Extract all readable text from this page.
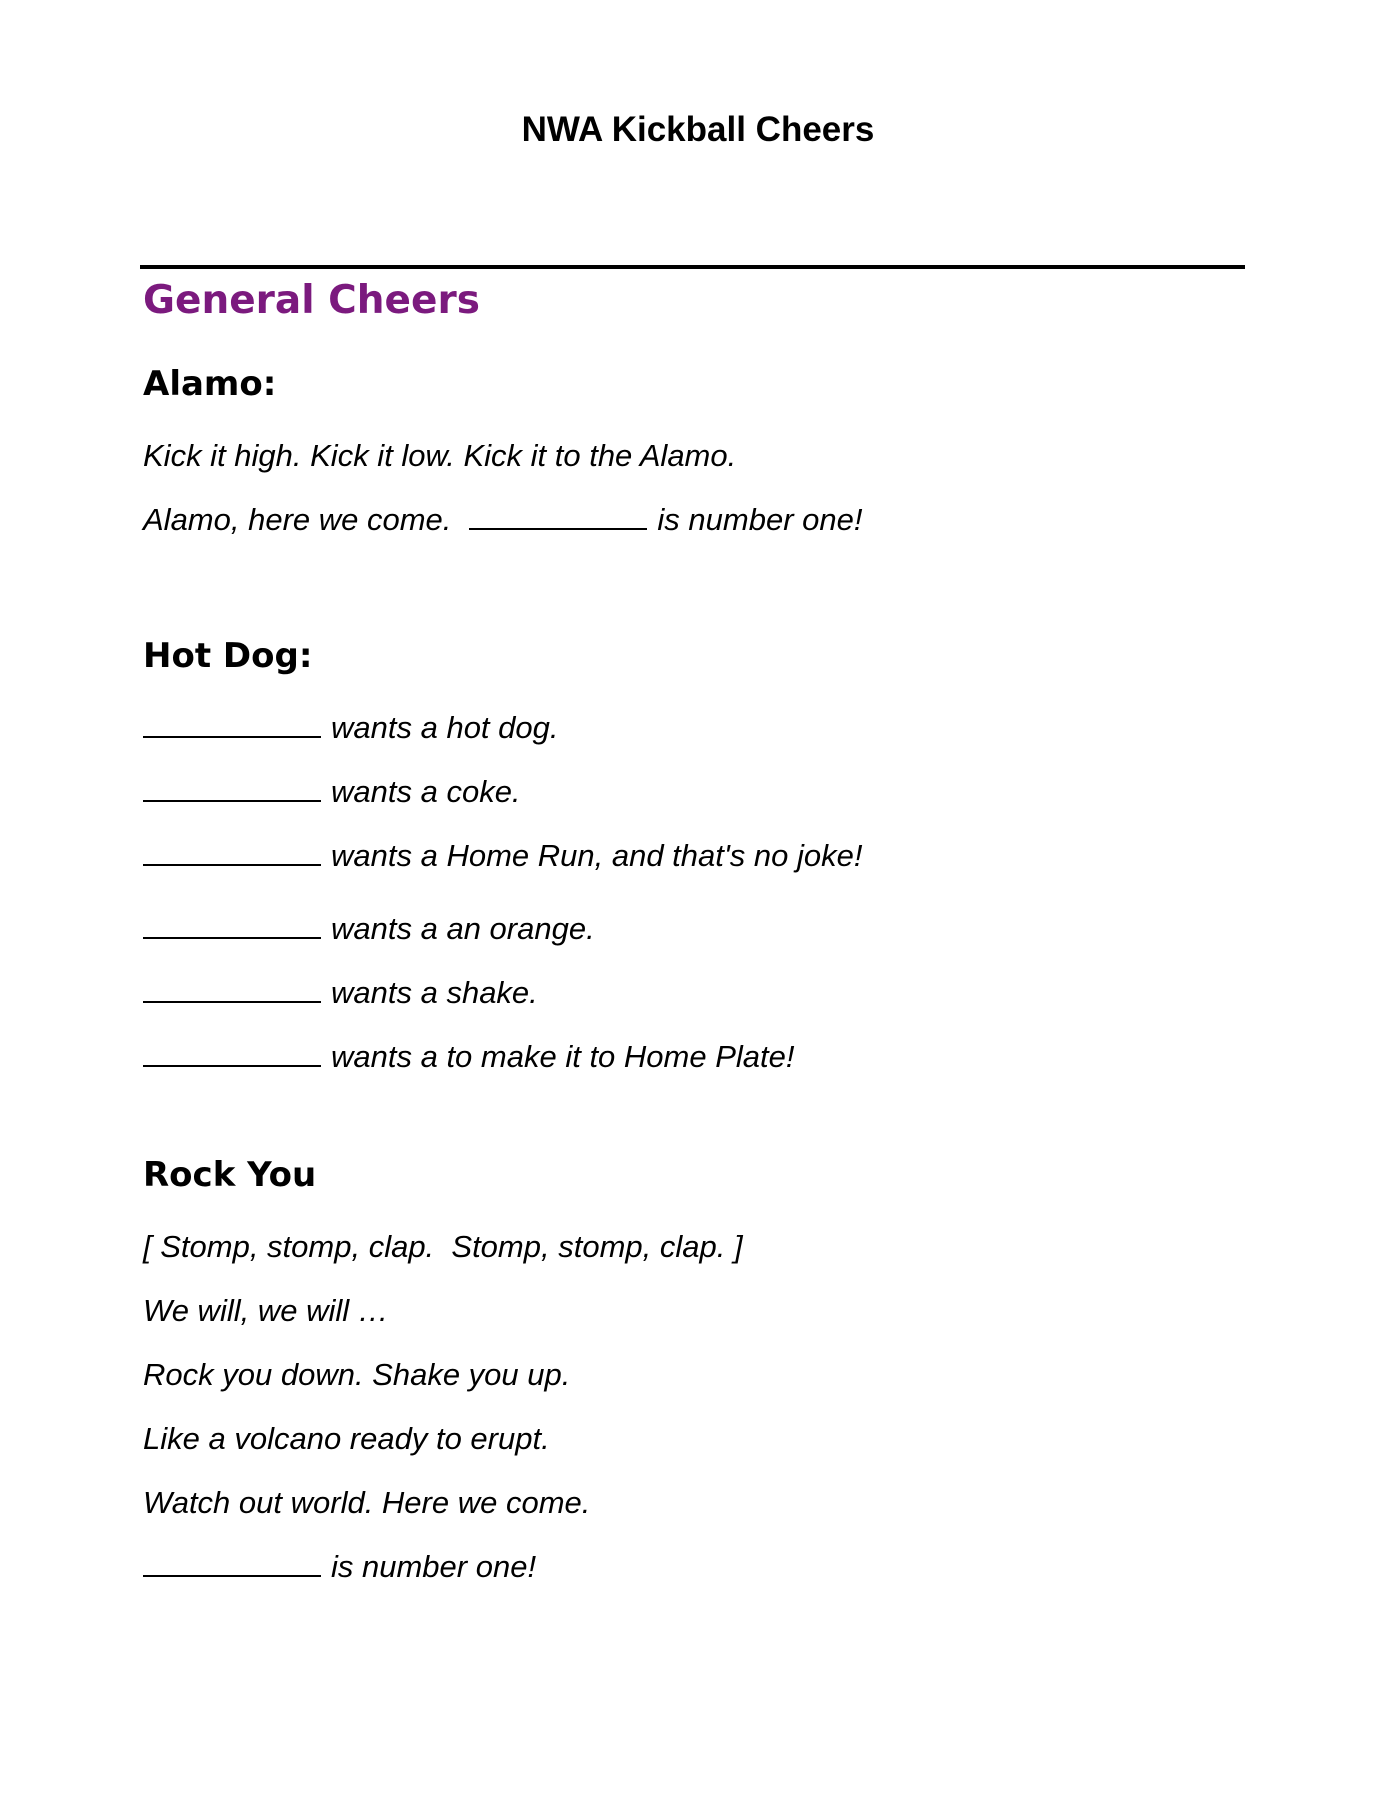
NWA Kickball Cheers
General Cheers
Alamo:
Kick it high. Kick it low. Kick it to the Alamo.
Alamo, here we come.	is number one!
Hot Dog:
wants a hot dog.
wants a coke.
wants a Home Run, and that's no joke!
wants a an orange.
wants a shake.
wants a to make it to Home Plate!
Rock You
[ Stomp, stomp, clap.  Stomp, stomp, clap. ]
We will, we will …
Rock you down. Shake you up.
Like a volcano ready to erupt.
Watch out world. Here we come.
is number one!
